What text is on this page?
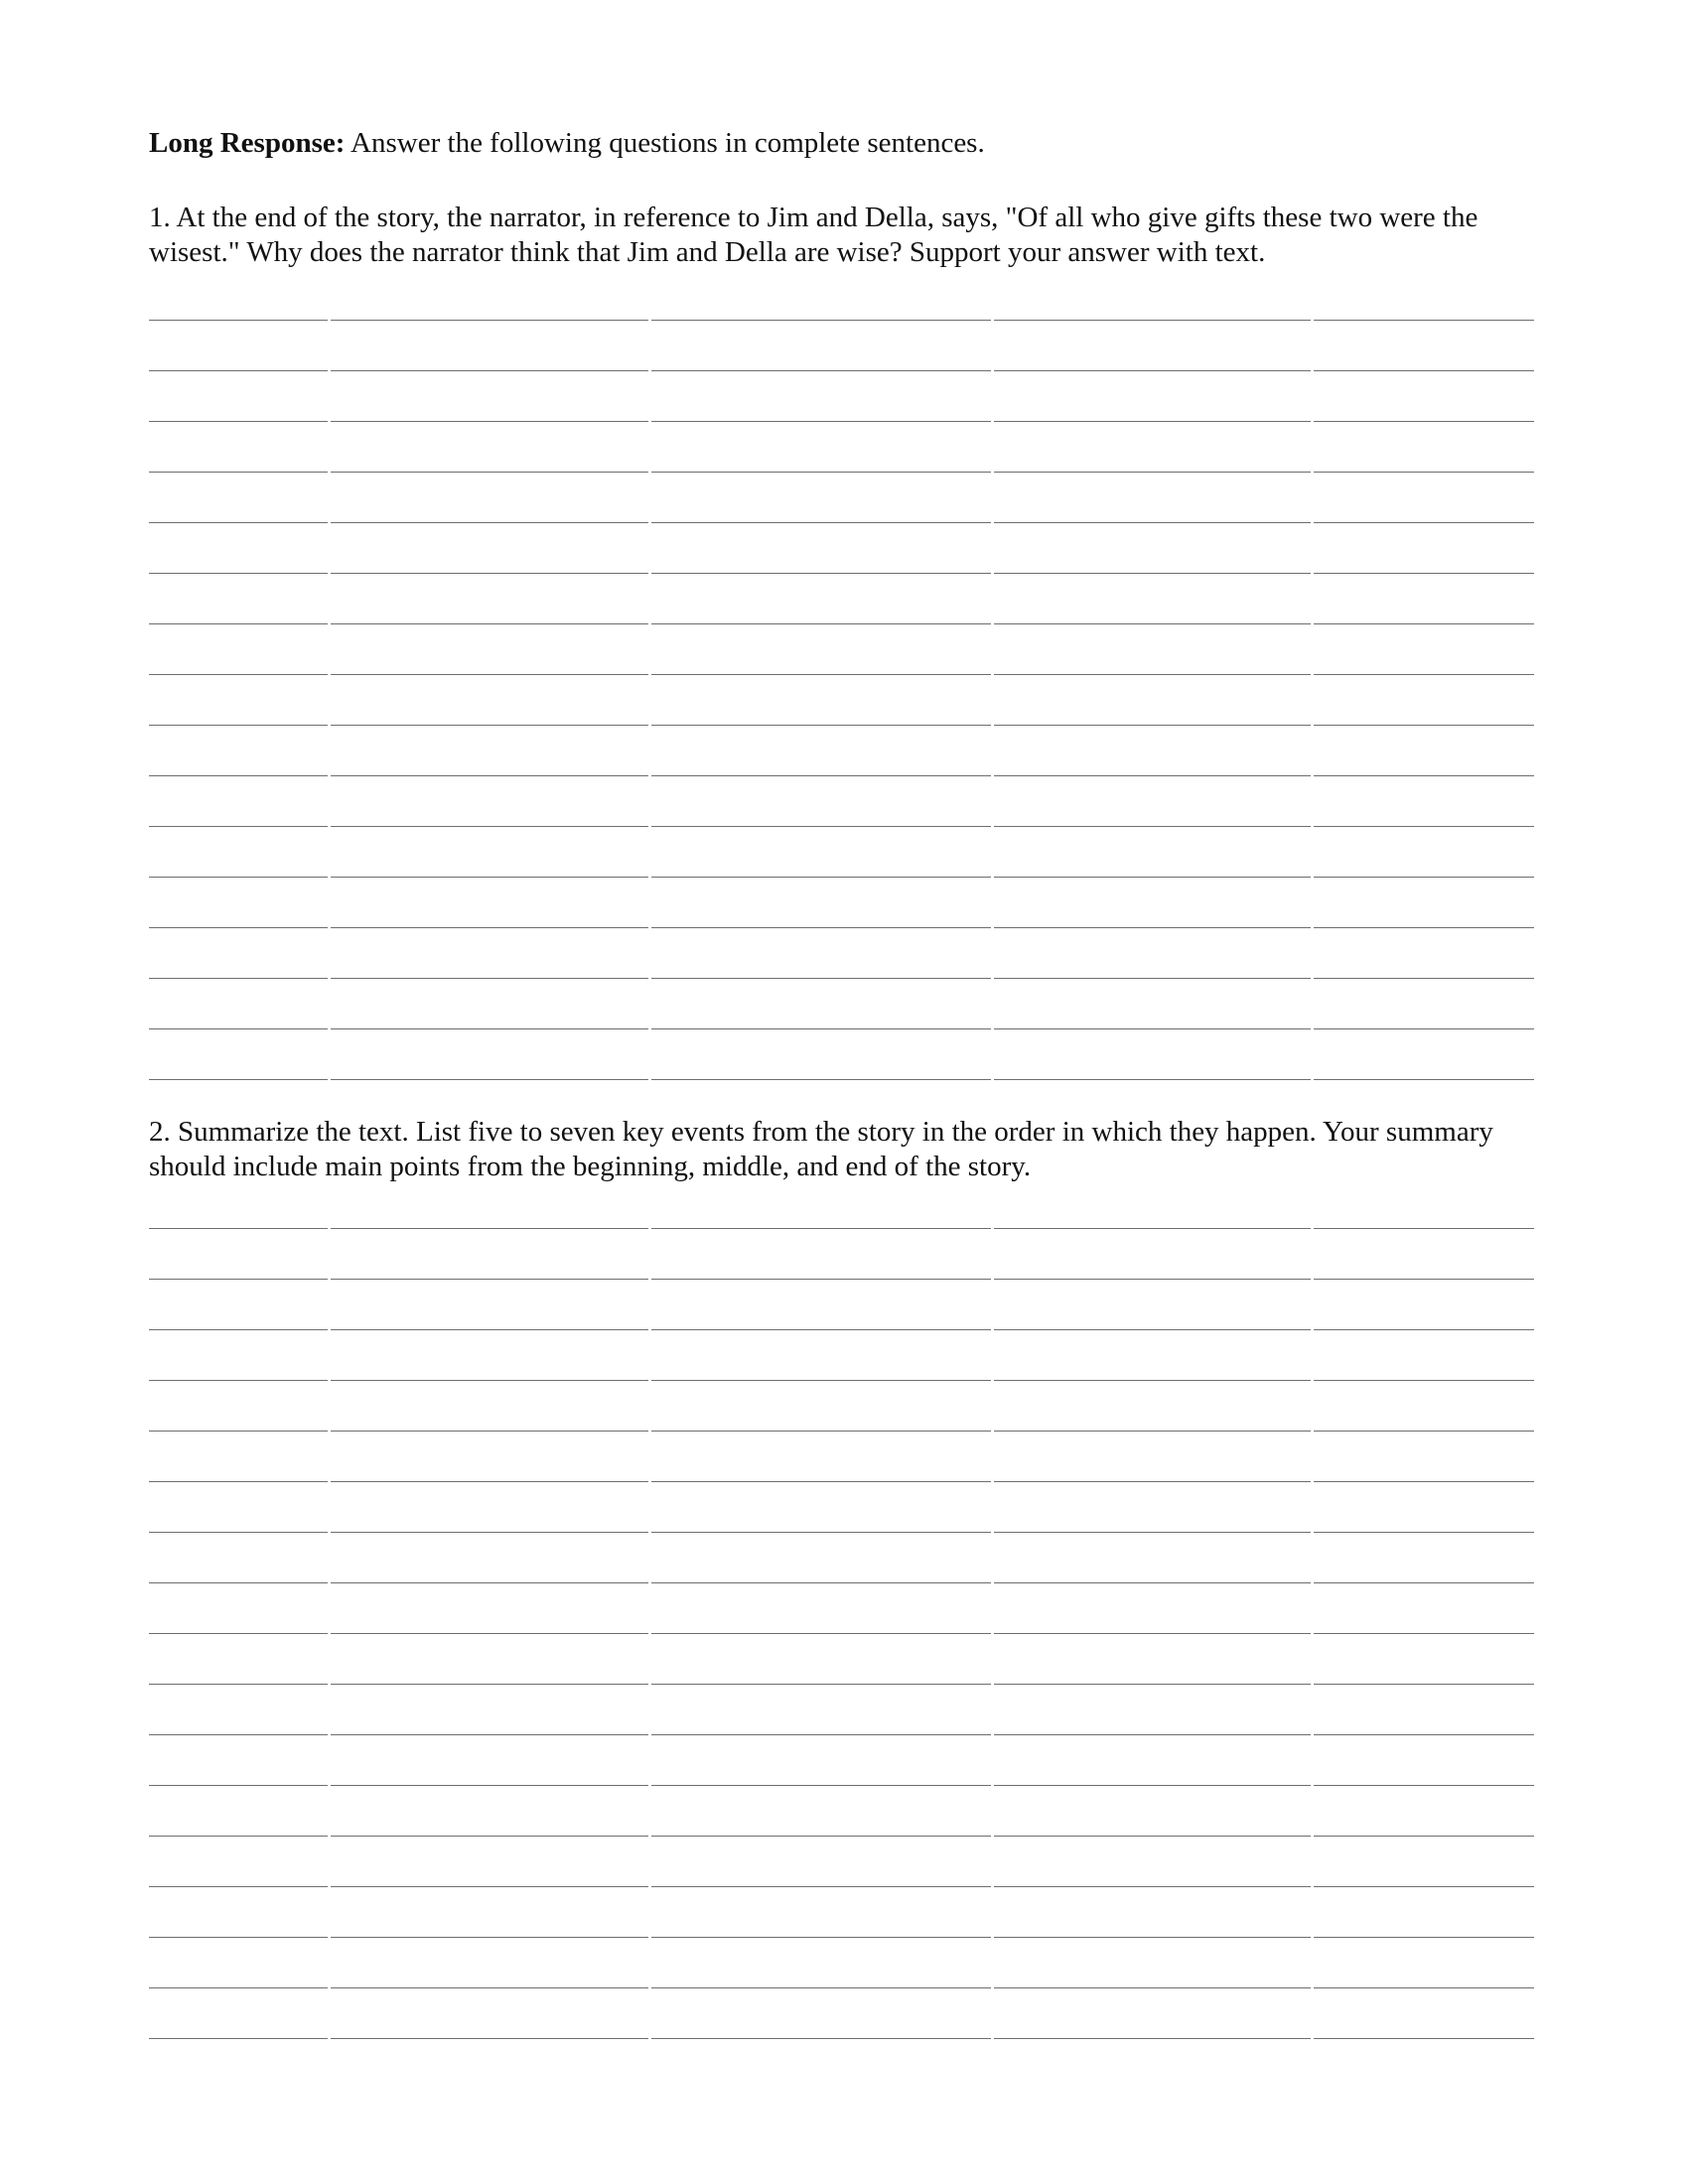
Long Response: Answer the following questions in complete sentences.

1. At the end of the story, the narrator, in reference to Jim and Della, says, "Of all who give gifts these two were the wisest." Why does the narrator think that Jim and Della are wise? Support your answer with text.

2. Summarize the text. List five to seven key events from the story in the order in which they happen. Your summary should include main points from the beginning, middle, and end of the story.
